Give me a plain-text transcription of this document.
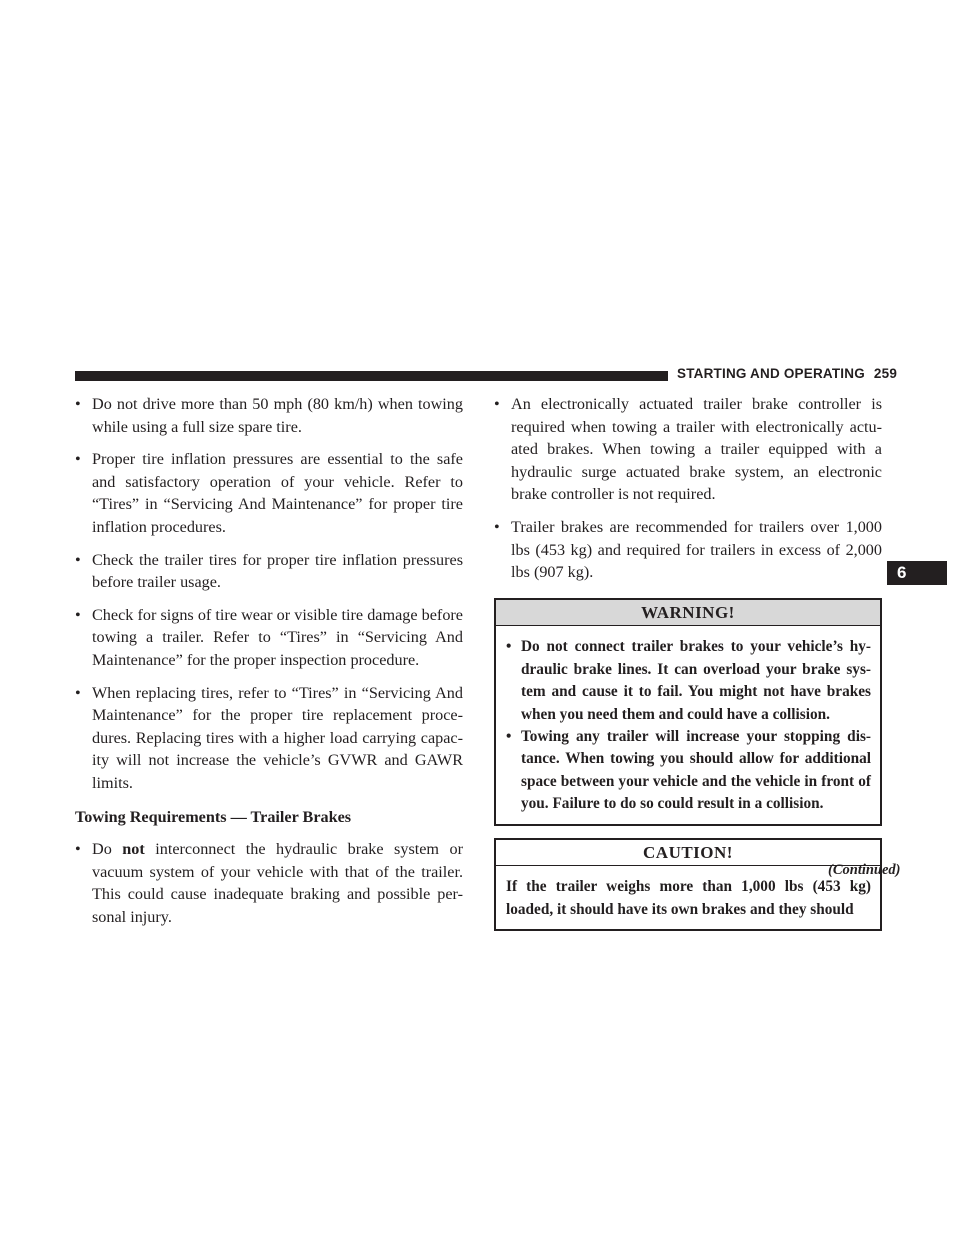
STARTING AND OPERATING 259
• Do not drive more than 50 mph (80 km/h) when towing while using a full size spare tire.
• Proper tire inflation pressures are essential to the safe and satisfactory operation of your vehicle. Refer to “Tires” in “Servicing And Maintenance” for proper tire inflation procedures.
• Check the trailer tires for proper tire inflation pressures before trailer usage.
• Check for signs of tire wear or visible tire damage before towing a trailer. Refer to “Tires” in “Servicing And Maintenance” for the proper inspection procedure.
• When replacing tires, refer to “Tires” in “Servicing And Maintenance” for the proper tire replacement proce-dures. Replacing tires with a higher load carrying capac-ity will not increase the vehicle’s GVWR and GAWR limits.
Towing Requirements — Trailer Brakes
• Do not interconnect the hydraulic brake system or vacuum system of your vehicle with that of the trailer. This could cause inadequate braking and possible per-sonal injury.
• An electronically actuated trailer brake controller is required when towing a trailer with electronically actu-ated brakes. When towing a trailer equipped with a hydraulic surge actuated brake system, an electronic brake controller is not required.
• Trailer brakes are recommended for trailers over 1,000 lbs (453 kg) and required for trailers in excess of 2,000 lbs (907 kg).
WARNING!
• Do not connect trailer brakes to your vehicle’s hy-draulic brake lines. It can overload your brake sys-tem and cause it to fail. You might not have brakes when you need them and could have a collision.
• Towing any trailer will increase your stopping dis-tance. When towing you should allow for additional space between your vehicle and the vehicle in front of you. Failure to do so could result in a collision.
CAUTION!

If the trailer weighs more than 1,000 lbs (453 kg) loaded, it should have its own brakes and they should

(Continued)
6
